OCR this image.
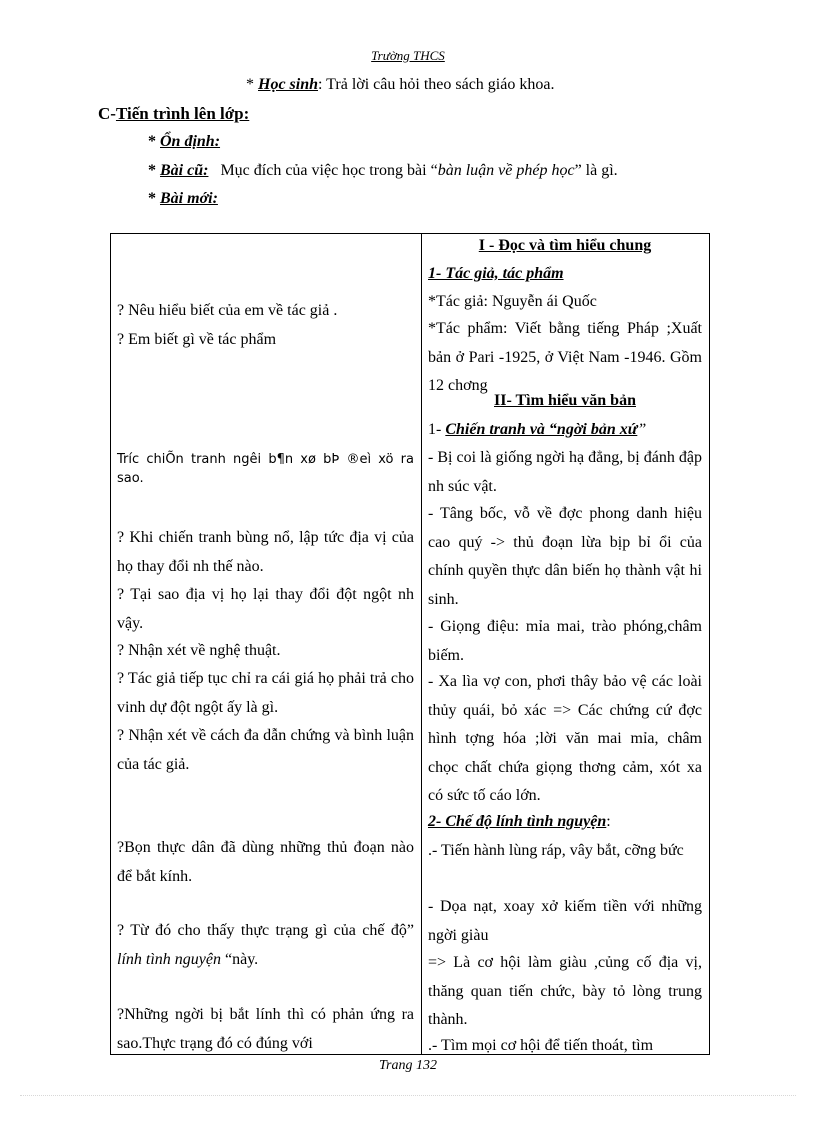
Trường THCS
* Học sinh: Trả lời câu hỏi theo sách giáo khoa.
C-Tiến trình lên lớp:
* Ổn định:
* Bài cũ:   Mục đích của việc học trong bài “bàn luận về phép học” là gì.
* Bài mới:
? Nêu hiểu biết của em về tác giả .
? Em biết gì về tác phẩm
Tríc chiÕn tranh ngêi b¶n xø bÞ ®eì xö ra sao.
? Khi chiến tranh bùng nổ, lập tức địa vị của họ thay đổi nh thế nào.
? Tại sao địa vị họ lại thay đổi đột ngột nh vậy.
? Nhận xét về nghệ thuật.
? Tác giả tiếp tục chỉ ra cái giá họ phải trả cho vinh dự đột ngột ấy là gì.
? Nhận xét về cách đa dẫn chứng và bình luận của tác giả.
?Bọn thực dân đã dùng những thủ đoạn nào để bắt kính.
? Từ đó cho thấy thực trạng gì của chế độ” lính tình nguyện “này.
?Những ngời bị bắt lính thì có phản ứng ra sao.Thực trạng đó có đúng với
I - Đọc và tìm hiểu chung
1- Tác giả, tác phẩm
*Tác giả: Nguyễn ái Quốc
*Tác phẩm: Viết bằng tiếng Pháp ;Xuất bản ở Pari -1925, ở Việt Nam -1946. Gồm 12 chơng
II- Tìm hiểu văn bản
1- Chiến tranh và “ngời bản xứ”
- Bị coi là giống ngời hạ đẳng, bị đánh đập nh súc vật.
- Tâng bốc, vỗ về đợc phong danh hiệu cao quý -> thủ đoạn lừa bịp bỉ ổi của chính quyền thực dân biến họ thành vật hi sinh.
- Giọng điệu: mỉa mai, trào phóng,châm biếm.
- Xa lìa vợ con, phơi thây bảo vệ các loài thủy quái, bỏ xác => Các chứng cứ đợc hình tợng hóa ;lời văn mai mỉa, châm chọc chất chứa giọng thơng cảm, xót xa có sức tố cáo lớn.
2- Chế độ lính tình nguyện:
.- Tiến hành lùng ráp, vây bắt, cỡng bức
- Dọa nạt, xoay xở kiếm tiền với những ngời giàu
=> Là cơ hội làm giàu ,củng cố địa vị, thăng quan tiến chức, bày tỏ lòng trung thành.
.- Tìm mọi cơ hội để tiến thoát, tìm
Trang 132
